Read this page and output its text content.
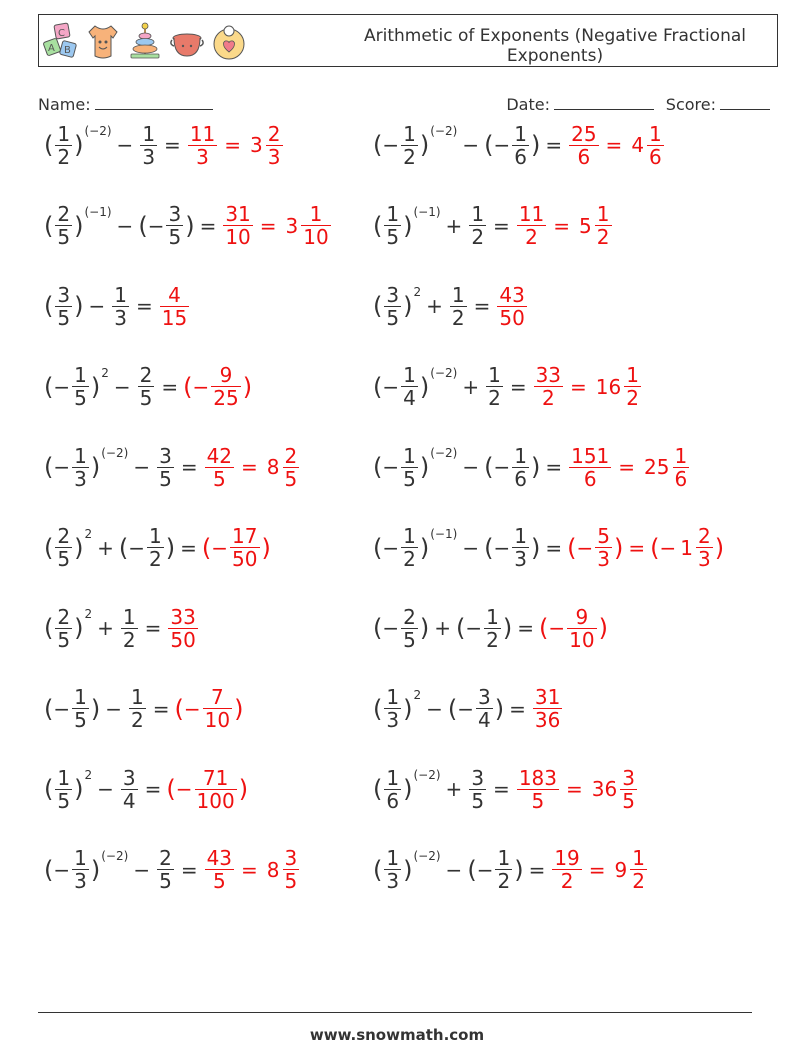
C
A B
Arithmetic of Exponents (Negative Fractional
Exponents)
Name:	Date:	Score:
( $\frac{1}{2}$ ) (−2)
− $\frac{1}{3} = \frac{11}{3} = 3 \frac{2}{3}$	( − $\frac{1}{2}$ ) (−2)
− ( − $\frac{1}{6}$ ) = $\frac{25}{6} = 4 \frac{1}{6}$
( $\frac{2}{5}$ ) (−1)
− ( − $\frac{3}{5}$ ) = $\frac{31}{10} = 3 \frac{1}{10}$ ( $\frac{1}{5}$ ) (−1)
+ $\frac{1}{2} = \frac{11}{2} = 5 \frac{1}{2}$
( $\frac{3}{5}$ ) − $\frac{1}{3} = \frac{4}{15}$	( $\frac{3}{5}$ ) 2
+ $\frac{1}{2} = \frac{43}{50}$
( − $\frac{1}{5}$ ) 2
− $\frac{2}{5}$ = ( − $\frac{9}{25}$ )	( − $\frac{1}{4}$ ) (−2)
+ $\frac{1}{2} = \frac{33}{2} = 16 \frac{1}{2}$
( − $\frac{1}{3}$ ) (−2)
− $\frac{3}{5} = \frac{42}{5} = 8 \frac{2}{5}$	( − $\frac{1}{5}$ ) (−2)
− ( − $\frac{1}{6}$ ) = $\frac{151}{6} = 25 \frac{1}{6}$
( $\frac{2}{5}$ ) 2
+ ( − $\frac{1}{2}$ ) = ( − $\frac{17}{50}$ )	( − $\frac{1}{2}$ ) (−1)
− ( − $\frac{1}{3}$ ) = ( − $\frac{5}{3}$ ) = ( − $1 \frac{2}{3}$ )
( $\frac{2}{5}$ ) 2
+ $\frac{1}{2} = \frac{33}{50}$	( − $\frac{2}{5}$ ) + ( − $\frac{1}{2}$ ) = ( − $\frac{9}{10}$ )
( − $\frac{1}{5}$ ) − $\frac{1}{2}$ = ( − $\frac{7}{10}$ )	( $\frac{1}{3}$ ) 2
− ( − $\frac{3}{4}$ ) = $\frac{31}{36}$
( $\frac{1}{5}$ ) 2
− $\frac{3}{4}$ = ( − $\frac{71}{100}$ )	( $\frac{1}{6}$ ) (−2)
+ $\frac{3}{5} = \frac{183}{5} = 36 \frac{3}{5}$
( − $\frac{1}{3}$ ) (−2)
− $\frac{2}{5} = \frac{43}{5} = 8 \frac{3}{5}$	( $\frac{1}{3}$ ) (−2)
− ( − $\frac{1}{2}$ ) = $\frac{19}{2} = 9 \frac{1}{2}$
www.snowmath.com
